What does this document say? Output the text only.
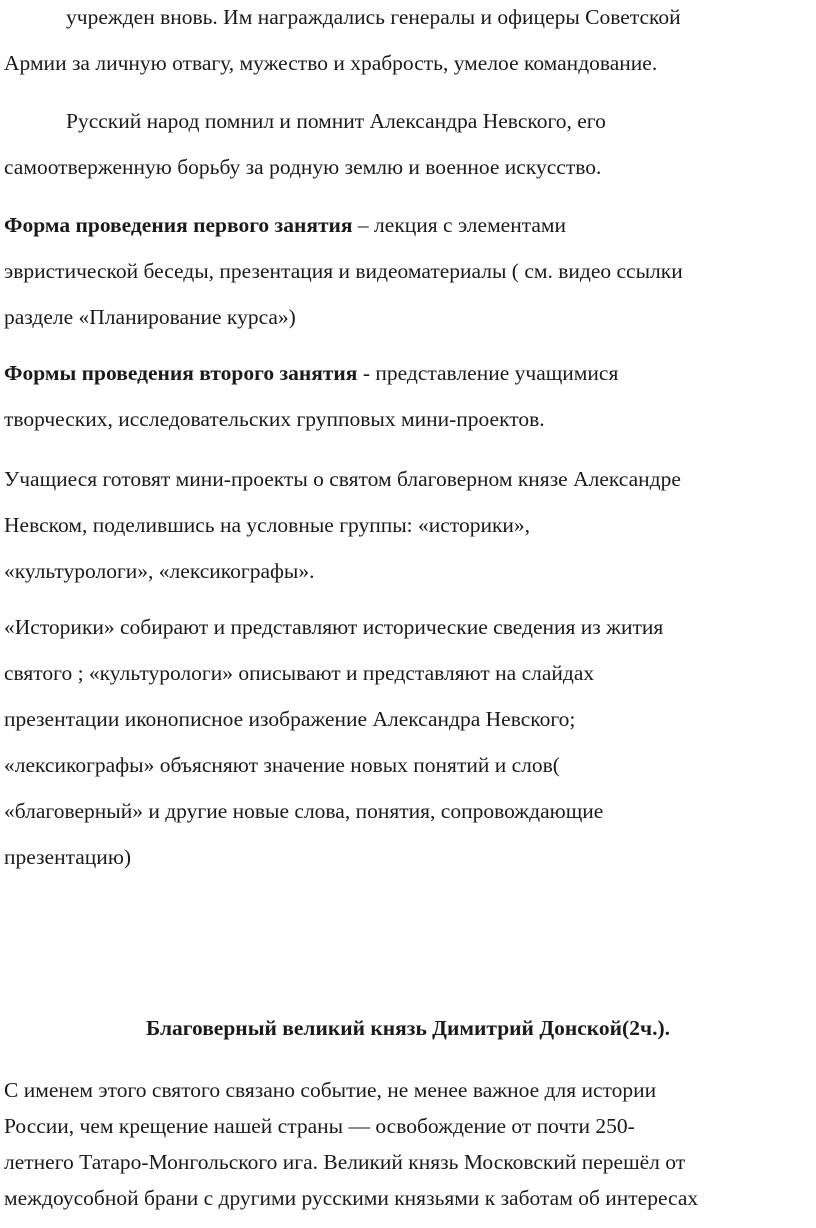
учрежден вновь. Им награждались генералы и офицеры Советской
Армии за личную отвагу, мужество и храбрость, умелое командование.

Русский народ помнил и помнит Александра Невского, его
самоотверженную борьбу за родную землю и военное искусство.

Форма проведения первого занятия – лекция с элементами
эвристической беседы, презентация и видеоматериалы ( см. видео ссылки
разделе «Планирование курса»)

Формы проведения второго занятия - представление учащимися
творческих, исследовательских групповых мини-проектов.

Учащиеся готовят мини-проекты о святом благоверном князе Александре
Невском, поделившись на условные группы: «историки»,
«культурологи», «лексикографы».

«Историки» собирают и представляют исторические сведения из жития
святого ; «культурологи» описывают и представляют на слайдах
презентации иконописное изображение Александра Невского;
«лексикографы» объясняют значение новых понятий и слов(
«благоверный» и другие новые слова, понятия, сопровождающие
презентацию)

Благоверный великий князь Димитрий Донской(2ч.).

С именем этого святого связано событие, не менее важное для истории
России, чем крещение нашей страны — освобождение от почти 250-
летнего Татаро-Монгольского ига. Великий князь Московский перешёл от
междоусобной брани с другими русскими князьями к заботам об интересах
